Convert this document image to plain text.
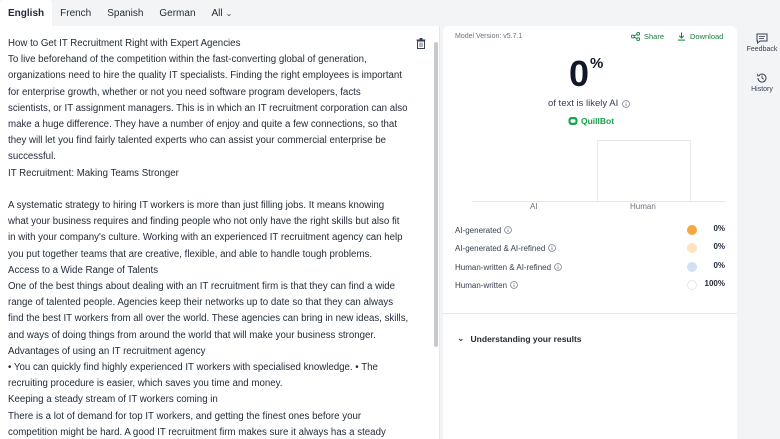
English French Spanish German All ⌄

How to Get IT Recruitment Right with Expert Agencies

To live beforehand of the competition within the fast-converting global of generation,

organizations need to hire the quality IT specialists. Finding the right employees is important

for enterprise growth, whether or not you need software program developers, facts

scientists, or IT assignment managers. This is in which an IT recruitment corporation can also

make a huge difference. They have a number of enjoy and quite a few connections, so that

they will let you find fairly talented experts who can assist your commercial enterprise be

successful.

IT Recruitment: Making Teams Stronger

A systematic strategy to hiring IT workers is more than just filling jobs. It means knowing

what your business requires and finding people who not only have the right skills but also fit

in with your company's culture. Working with an experienced IT recruitment agency can help

you put together teams that are creative, flexible, and able to handle tough problems.

Access to a Wide Range of Talents

One of the best things about dealing with an IT recruitment firm is that they can find a wide

range of talented people. Agencies keep their networks up to date so that they can always

find the best IT workers from all over the world. These agencies can bring in new ideas, skills,

and ways of doing things from around the world that will make your business stronger.

Advantages of using an IT recruitment agency

• You can quickly find highly experienced IT workers with specialised knowledge. • The

recruiting procedure is easier, which saves you time and money.

Keeping a steady stream of IT workers coming in

There is a lot of demand for top IT workers, and getting the finest ones before your

competition might be hard. A good IT recruitment firm makes sure it always has a steady

Model Version: v5.7.1	Share	Download
0%
of text is likely AI
QuillBot
AI	Human
AI-generated	0%
AI-generated & AI-refined	0%
Human-written & AI-refined	0%
Human-written	100%
⌄ Understanding your results
Feedback
History
